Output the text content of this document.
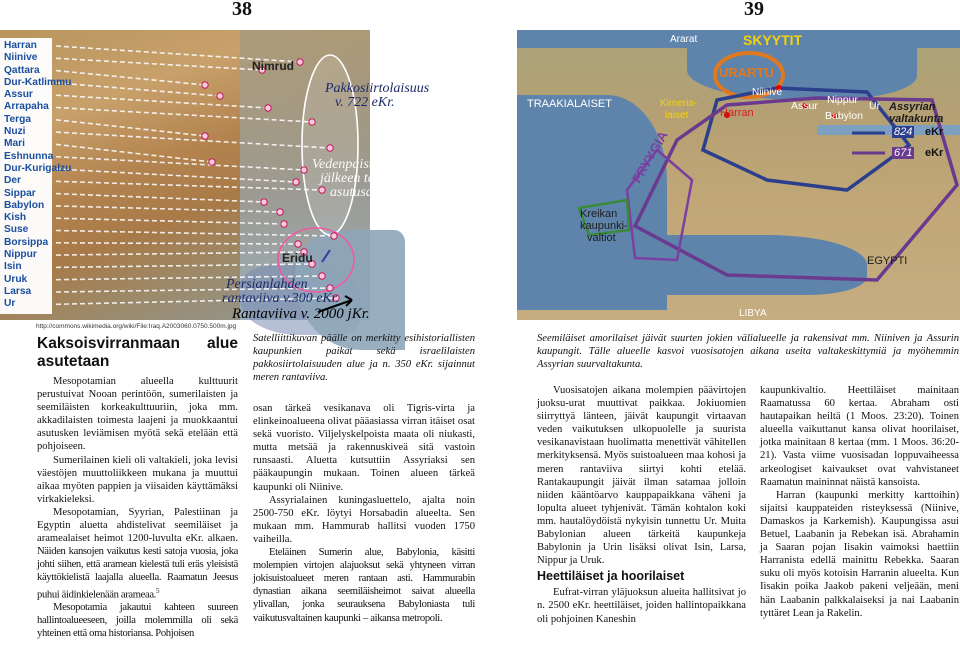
38	39
Harran
Niinive
Qattara
Dur-Katlimmu
Assur
Arrapaha
Terga
Nuzi
Mari
Eshnunna
Dur-Kurigalzu
Der
Sippar
Babylon
Kish
Suse
Borsippa
Nippur
Isin
Uruk
Larsa
Ur
Nimrud
Pakkosiirtolaisuus
v. 722 eKr.
Vedenpaisumuksen
jälkeen tärkeät
asutusalueet
Eridu
Persianlahden
rantaviiva v.300 eKr.
Rantaviiva v. 2000 jKr.
http://commons.wikimedia.org/wiki/File:Iraq.A2003060.0750.500m.jpg
Satelliittikuvan päälle on merkitty esihistoriallisten kaupunkien paikat sekä israelilaisten pakkosiirtolaisuuden alue ja n. 350 eKr. sijainnut meren rantaviiva.
Ararat	SKYYTIT
URARTU
TRAAKIALAISET	Kimeria-
laiset	Harran
Niinive
Assur Nippur Ur
Babylon
Assyrian
valtakunta
824 eKr
671 eKr
FRYYGIA
Kreikan
kaupunki-
valtiot
EGYPTI
LIBYA
Seemiläiset amorilaiset jäivät suurten jokien välialueelle ja rakensivat mm. Niiniven ja Assurin kaupungit. Tälle alueelle kasvoi vuosisatojen aikana useita valtakeskittymiä ja myöhemmin Assyrian suurvaltakunta.
Kaksoisvirranmaan alue asutetaan

Mesopotamian alueella kulttuurit perustuivat Nooan perintöön, sumerilaisten ja seemiläisten korkeakulttuuriin, joka mm. akkadilaisten toimesta laajeni ja muokkaantui asutusken leviämisen myötä sekä etelään että pohjoiseen.

Sumerilainen kieli oli valtakieli, joka levisi väestöjen muuttoliikkeen mukana ja muuttui aikaa myöten pappien ja viisaiden käyttämäksi virkakieleksi.

Mesopotamian, Syyrian, Palestiinan ja Egyptin aluetta ahdistelivat seemiläiset ja aramealaiset heimot 1200-luvulta eKr. alkaen. Näiden kansojen vaikutus kesti satoja vuosia, joka johti siihen, että aramean kielestä tuli eräs yleisistä käyttökielistä laajalla alueella. Raamatun Jeesus puhui äidinkielenään arameaa.$^5$

Mesopotamia jakautui kahteen suureen hallintoalueeseen, joilla molemmilla oli sekä yhteinen että oma historiansa. Pohjoisen

osan tärkeä vesikanava oli Tigris-virta ja elinkeinoalueena olivat pääasiassa virran itäiset osat sekä vuoristo. Viljelyskelpoista maata oli niukasti, mutta metsää ja rakennuskiveä sitä vastoin runsaasti. Aluetta kutsuttiin Assyriaksi sen pääkaupungin mukaan. Toinen alueen tärkeä kaupunki oli Niinive.

Assyrialainen kuningasluettelo, ajalta noin 2500-750 eKr. löytyi Horsabadin alueelta. Sen mukaan mm. Hammurab hallitsi vuoden 1750 vaiheilla.

Eteläinen Sumerin alue, Babylonia, käsitti molempien virtojen alajuoksut sekä yhtyneen virran jokisuistoalueet meren rantaan asti. Hammurabin dynastian aikana seemiläisheimot saivat alueella ylivallan, jonka seurauksena Babyloniasta tuli vaikutusvaltainen kaupunki – aikansa metropoli.

Vuosisatojen aikana molempien päävirtojen juoksu-urat muuttivat paikkaa. Jokiuomien siirryttyä länteen, jäivät kaupungit virtaavan veden vaikutuksen ulkopuolelle ja suurista vesikanavistaan huolimatta menettivät vähitellen merkityksensä. Myös suistoalueen maa kohosi ja meren rantaviiva siirtyi kohti etelää. Rantakaupungit jäivät ilman satamaa jolloin niiden kääntöarvo kauppapaikkana väheni ja lopulta alueet tyhjenivät. Tämän kohtalon koki mm. hautalöydöistä nykyisin tunnettu Ur. Muita Babylonian alueen tärkeitä kaupunkeja Babylonin ja Urin lisäksi olivat Isin, Larsa, Nippur ja Uruk.

Heettiläiset ja hoorilaiset

Eufrat-virran yläjuoksun alueita hallitsivat jo n. 2500 eKr. heettiläiset, joiden hallintopaikkana oli pohjoinen Kaneshin

kaupunkivaltio. Heettiläiset mainitaan Raamatussa 60 kertaa. Abraham osti hautapaikan heiltä (1 Moos. 23:20). Toinen alueella vaikuttanut kansa olivat hoorilaiset, jotka mainitaan 8 kertaa (mm. 1 Moos. 36:20-21). Vasta viime vuosisadan loppuvaiheessa arkeologiset kaivaukset ovat vahvistaneet Raamatun maininnat näistä kansoista.

Harran (kaupunki merkitty karttoihin) sijaitsi kauppateiden risteyksessä (Niinive, Damaskos ja Karkemish). Kaupungissa asui Betuel, Laabanin ja Rebekan isä. Abrahamin ja Saaran pojan Iisakin vaimoksi haettiin Harranista edellä mainittu Rebekka. Saaran suku oli myös kotoisin Harranin alueelta. Kun Iisakin poika Jaakob pakeni veljeään, meni hän Laabanin palkkalaiseksi ja nai Laabanin tyttäret Lean ja Rakelin.
